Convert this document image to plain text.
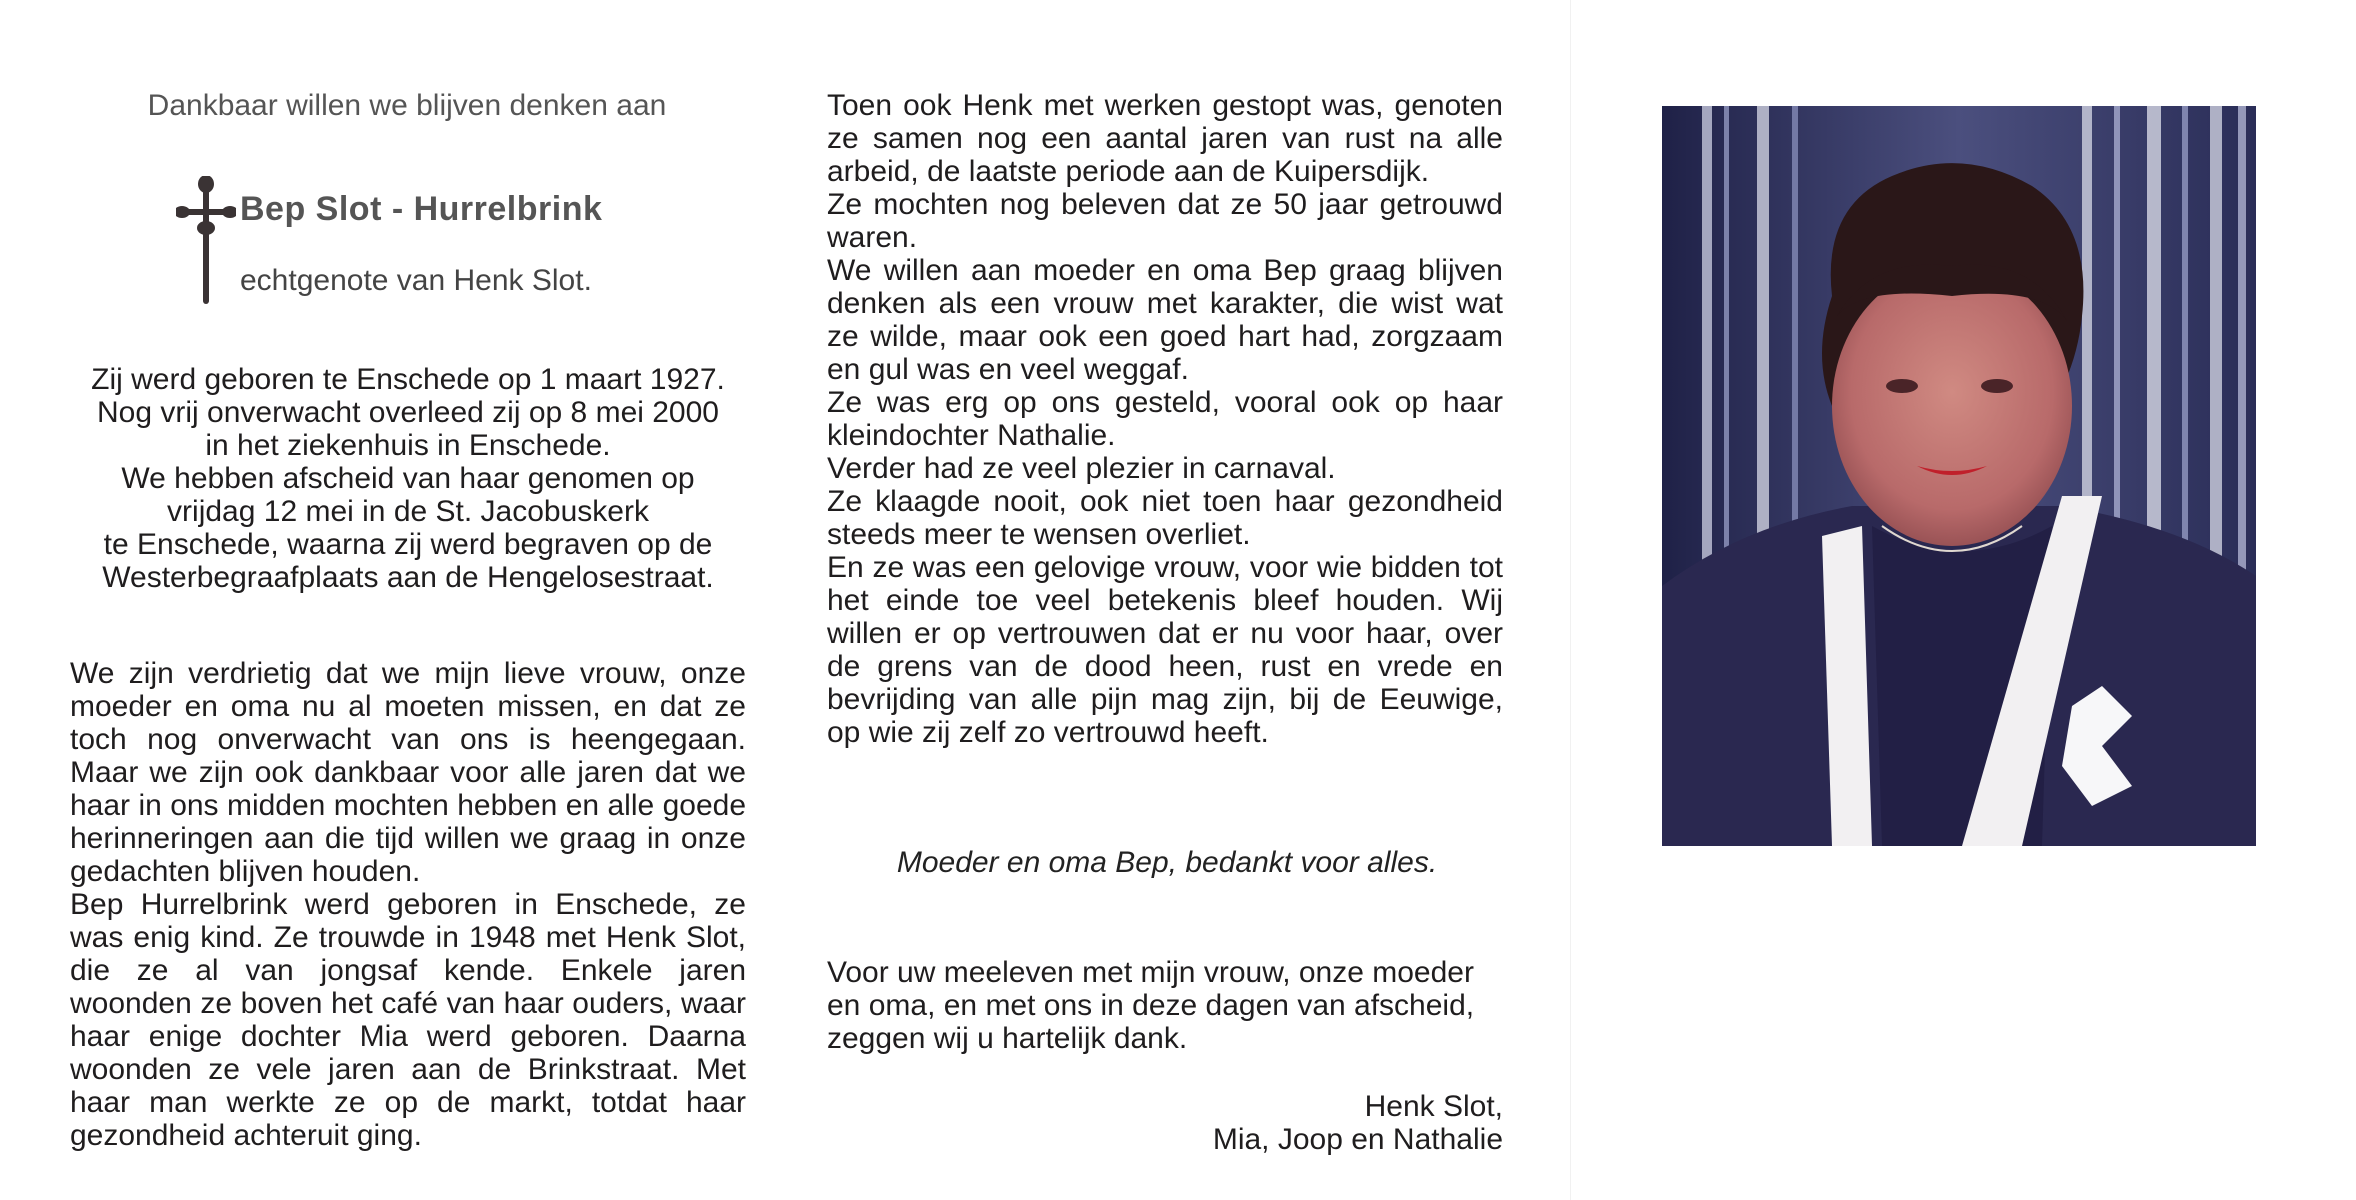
Dankbaar willen we blijven denken aan
Bep Slot - Hurrelbrink
echtgenote van Henk Slot.
Zij werd geboren te Enschede op 1 maart 1927.
Nog vrij onverwacht overleed zij op 8 mei 2000
in het ziekenhuis in Enschede.
We hebben afscheid van haar genomen op
vrijdag 12 mei in de St. Jacobuskerk
te Enschede, waarna zij werd begraven op de
Westerbegraafplaats aan de Hengelosestraat.

We zijn verdrietig dat we mijn lieve vrouw, onze moeder en oma nu al moeten missen, en dat ze toch nog onverwacht van ons is heengegaan. Maar we zijn ook dankbaar voor alle jaren dat we haar in ons midden mochten hebben en alle goede herinneringen aan die tijd willen we graag in onze gedachten blijven houden.

Bep Hurrelbrink werd geboren in Enschede, ze was enig kind. Ze trouwde in 1948 met Henk Slot, die ze al van jongsaf kende. Enkele jaren woonden ze boven het café van haar ouders, waar haar enige dochter Mia werd geboren. Daarna woonden ze vele jaren aan de Brinkstraat. Met haar man werkte ze op de markt, totdat haar gezondheid achteruit ging.

Toen ook Henk met werken gestopt was, genoten ze samen nog een aantal jaren van rust na alle arbeid, de laatste periode aan de Kuipersdijk.

Ze mochten nog beleven dat ze 50 jaar getrouwd waren.

We willen aan moeder en oma Bep graag blijven denken als een vrouw met karakter, die wist wat ze wilde, maar ook een goed hart had, zorgzaam en gul was en veel weggaf.

Ze was erg op ons gesteld, vooral ook op haar kleindochter Nathalie.

Verder had ze veel plezier in carnaval.

Ze klaagde nooit, ook niet toen haar gezondheid steeds meer te wensen overliet.

En ze was een gelovige vrouw, voor wie bidden tot het einde toe veel betekenis bleef houden. Wij willen er op vertrouwen dat er nu voor haar, over de grens van de dood heen, rust en vrede en bevrijding van alle pijn mag zijn, bij de Eeuwige, op wie zij zelf zo vertrouwd heeft.

Moeder en oma Bep, bedankt voor alles.
Voor uw meeleven met mijn vrouw, onze moeder en oma, en met ons in deze dagen van afscheid, zeggen wij u hartelijk dank.
Henk Slot,
Mia, Joop en Nathalie
